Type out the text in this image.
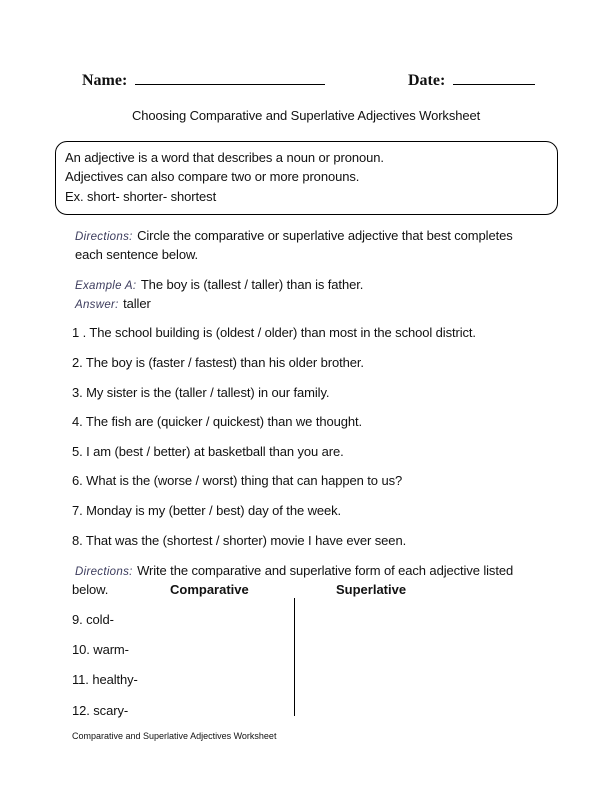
Name:	Date:
Choosing Comparative and Superlative Adjectives Worksheet
An adjective is a word that describes a noun or pronoun.
Adjectives can also compare two or more pronouns.
Ex. short- shorter- shortest
Directions: Circle the comparative or superlative adjective that best completes
each sentence below.
Example A: The boy is (tallest / taller) than is father.
Answer: taller
1 . The school building is (oldest / older) than most in the school district.
2. The boy is (faster / fastest) than his older brother.
3. My sister is the (taller / tallest) in our family.
4. The fish are (quicker / quickest) than we thought.
5. I am (best / better) at basketball than you are.
6. What is the (worse / worst) thing that can happen to us?
7. Monday is my (better / best) day of the week.
8. That was the (shortest / shorter) movie I have ever seen.
Directions: Write the comparative and superlative form of each adjective listed
below.	Comparative	Superlative
9. cold-
10. warm-
11. healthy-
12. scary-
Comparative and Superlative Adjectives Worksheet
